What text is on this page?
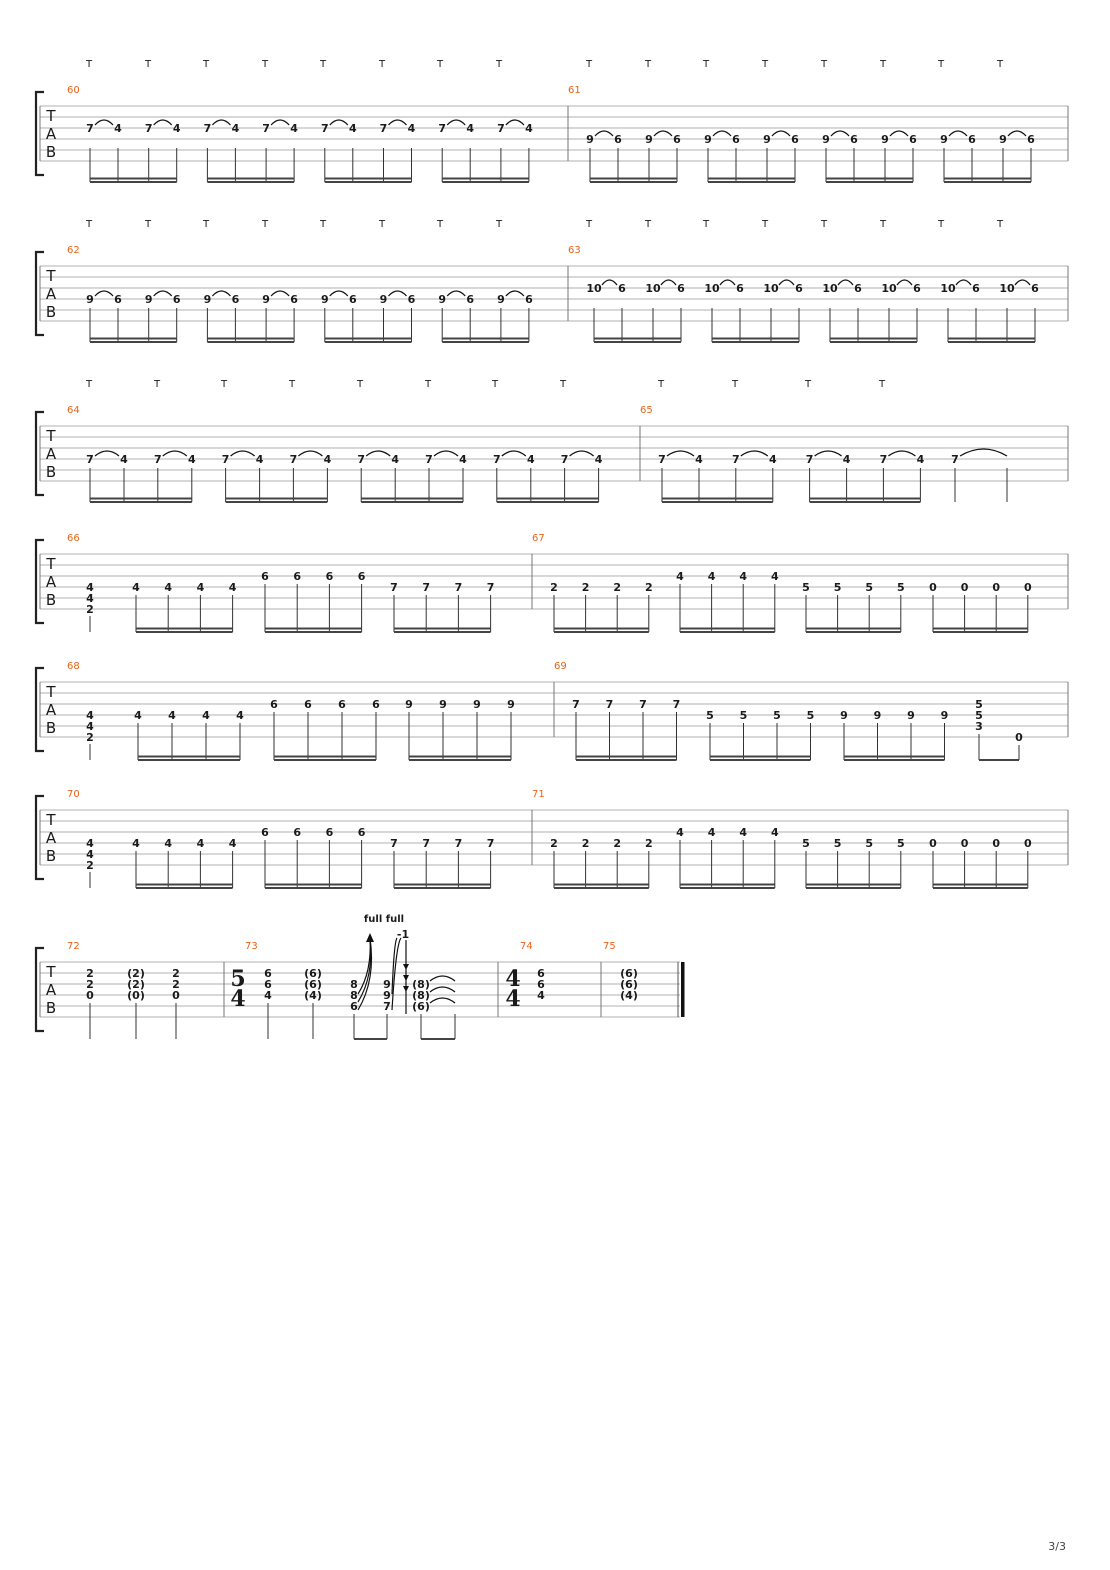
T
A
B
T	T	T	T	T	T	T	T	T	T	T	T	T	T	T	T
60
7 4 7 4 7 4 7 4 7 4 7 4 7 4 7 4
61
9 6 9 6 9 6 9 6 9 6 9 6 9 6 9 6
T
A
B
T	T	T	T	T	T	T	T	T	T	T	T	T	T	T	T
62
9 6 9 6 9 6 9 6 9 6 9 6 9 6 9 6
63
10 6 10 6 10 6 10 6 10 6 10 6 10 6 10 6
T
A
B
T	T	T	T	T	T	T	T	T	T	T	T
64
7 4 7 4 7 4 7 4 7 4 7 4 7 4 7 4
65
7	4	7	4	7	4	7	4 7
T
A
B
66
4
4
2
4 4 4 4
6 6 6 6
7 7 7 7
67
2 2 2 2
4 4 4 4
5 5 5 5 0 0 0 0
T
A
B
70
4
4
2
4 4 4 4
6 6 6 6
7 7 7 7
71
2 2 2 2
4 4 4 4
5 5 5 5 0 0 0 0
T
A
B
68
4
4
2
4 4 4 4
6 6 6 6 9 9 9 9
69
7 7 7 7
5 5 5 5 9 9 9 9
5
5
3
0
T
A
B
72	73	74	75
2
2
0
(2)
(2)
(0)
2
2
0
5
4
4
4
6
6
4
(6)
(6)
(4)
8
8
6
9
9
7
(8)
(8)
(6)
full full
-1
6
6
4
(6)
(6)
(4)
3/3
